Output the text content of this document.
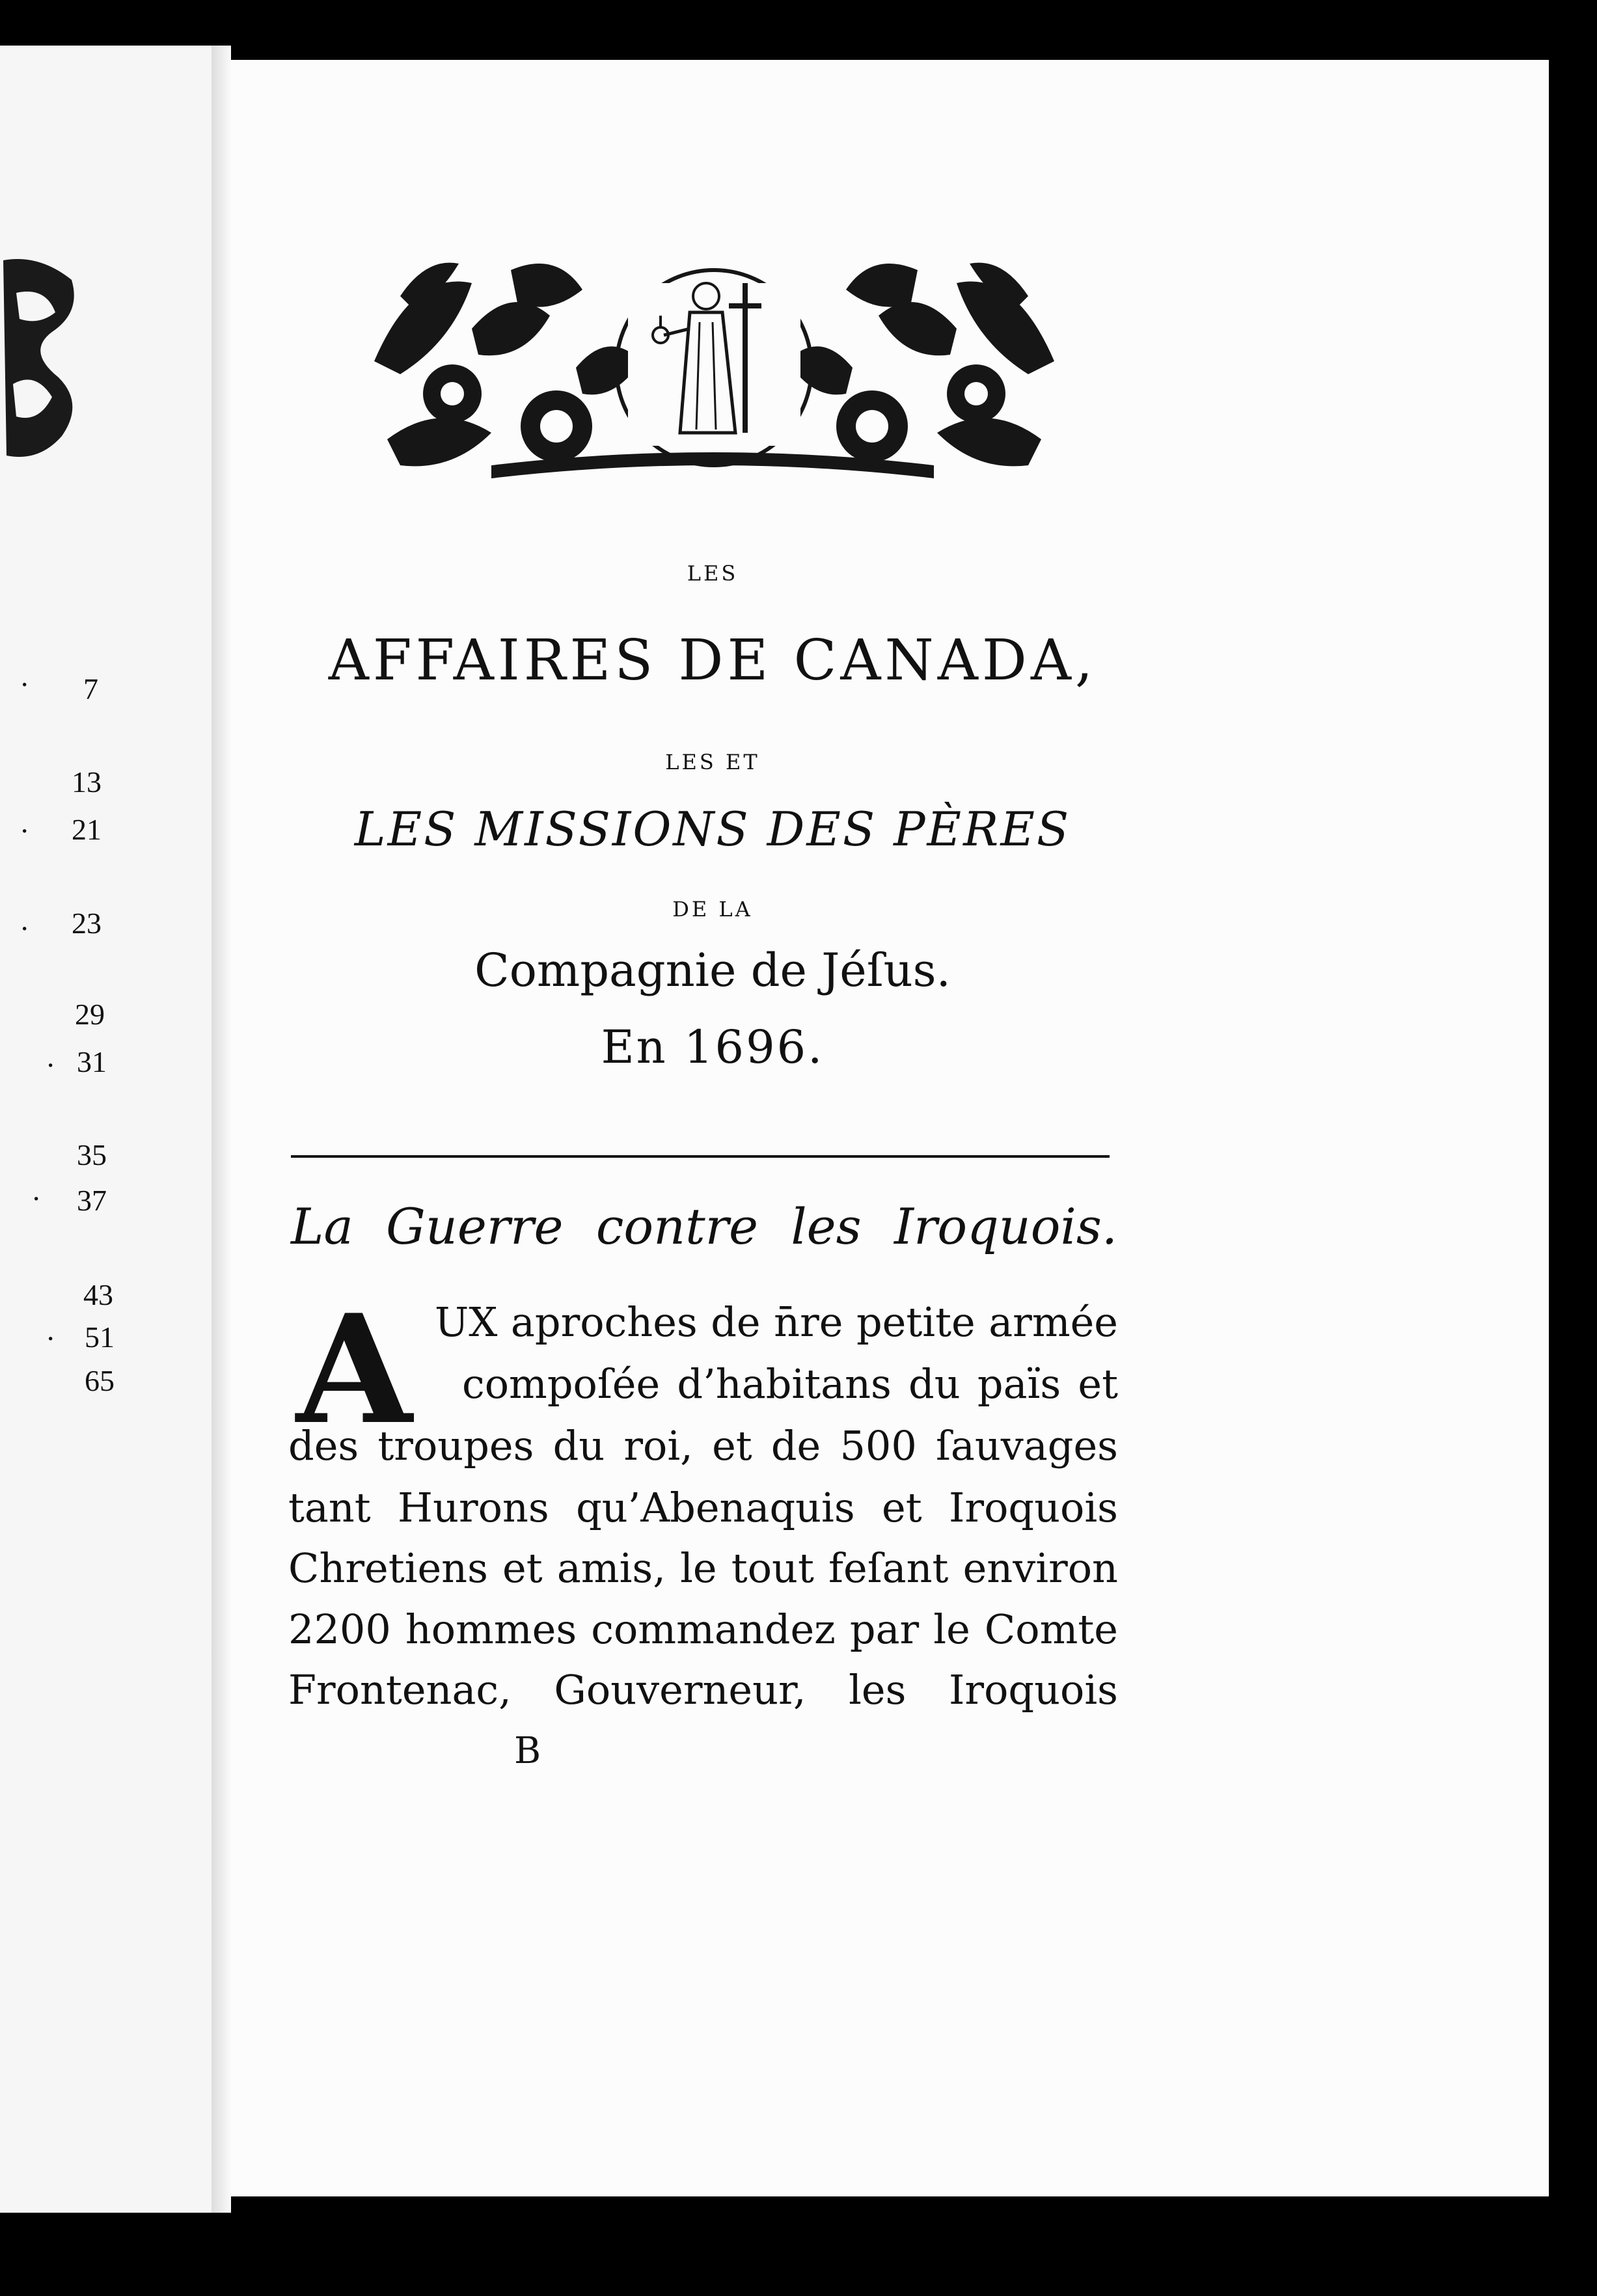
· 7
13
· 21
· 23
29
· 31
35
· 37
43
· 51
65
LES
AFFAIRES DE CANADA,
LES ET
LES MISSIONS DES PÈRES
DE LA
Compagnie de Jéſus.
En 1696.
La Guerre contre les Iroquois.
A UX aproches de n̄re petite armée
compoſée d’habitans du païs et
des troupes du roi, et de 500 ſauvages
tant Hurons qu’Abenaquis et Iroquois
Chretiens et amis, le tout feſant environ
2200 hommes commandez par le Comte
Frontenac, Gouverneur, les Iroquois
B
